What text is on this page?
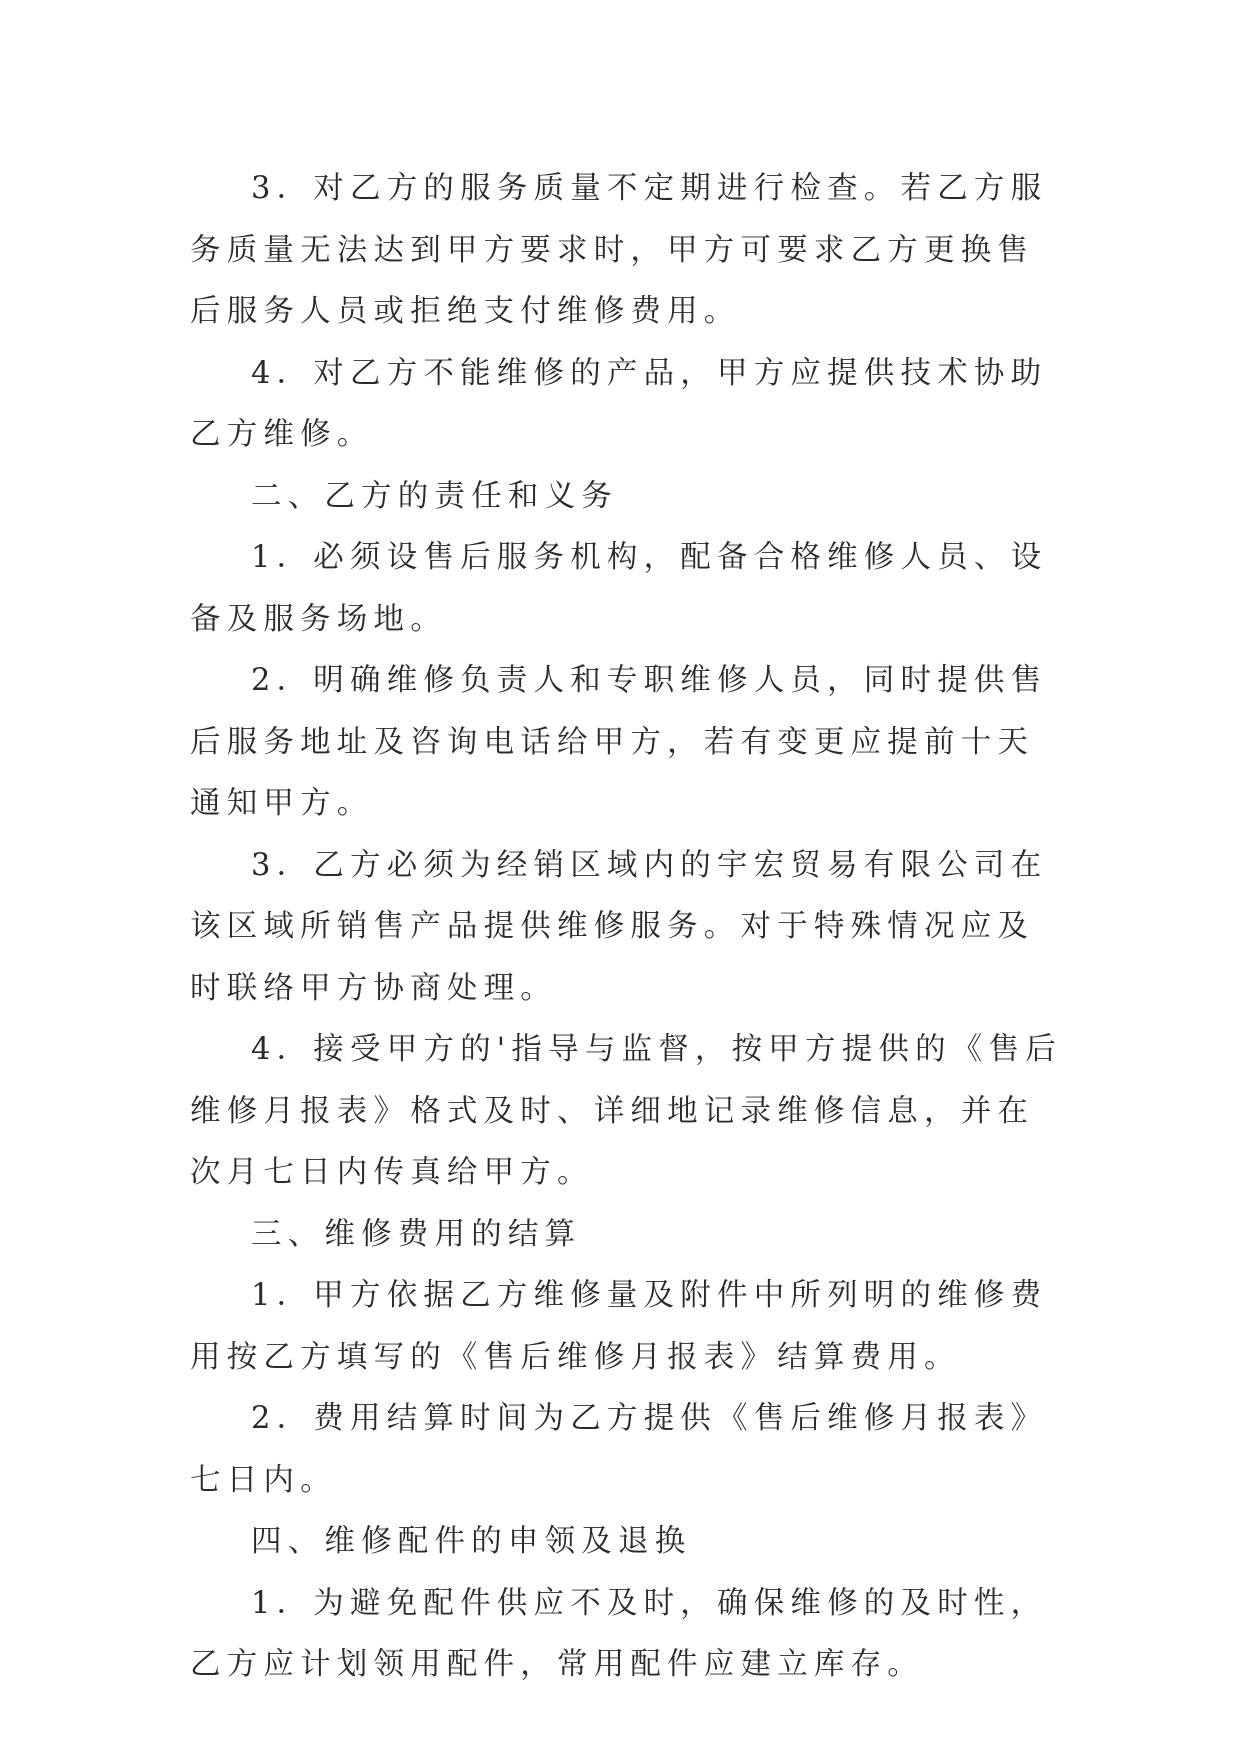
3．对乙方的服务质量不定期进行检查。若乙方服务质量无法达到甲方要求时，甲方可要求乙方更换售后服务人员或拒绝支付维修费用。

4．对乙方不能维修的产品，甲方应提供技术协助乙方维修。

二、乙方的责任和义务

1．必须设售后服务机构，配备合格维修人员、设备及服务场地。

2．明确维修负责人和专职维修人员，同时提供售后服务地址及咨询电话给甲方，若有变更应提前十天通知甲方。

3．乙方必须为经销区域内的宇宏贸易有限公司在该区域所销售产品提供维修服务。对于特殊情况应及时联络甲方协商处理。

4．接受甲方的'指导与监督，按甲方提供的《售后维修月报表》格式及时、详细地记录维修信息，并在次月七日内传真给甲方。

三、维修费用的结算

1．甲方依据乙方维修量及附件中所列明的维修费用按乙方填写的《售后维修月报表》结算费用。

2．费用结算时间为乙方提供《售后维修月报表》七日内。

四、维修配件的申领及退换

1．为避免配件供应不及时，确保维修的及时性，乙方应计划领用配件，常用配件应建立库存。
